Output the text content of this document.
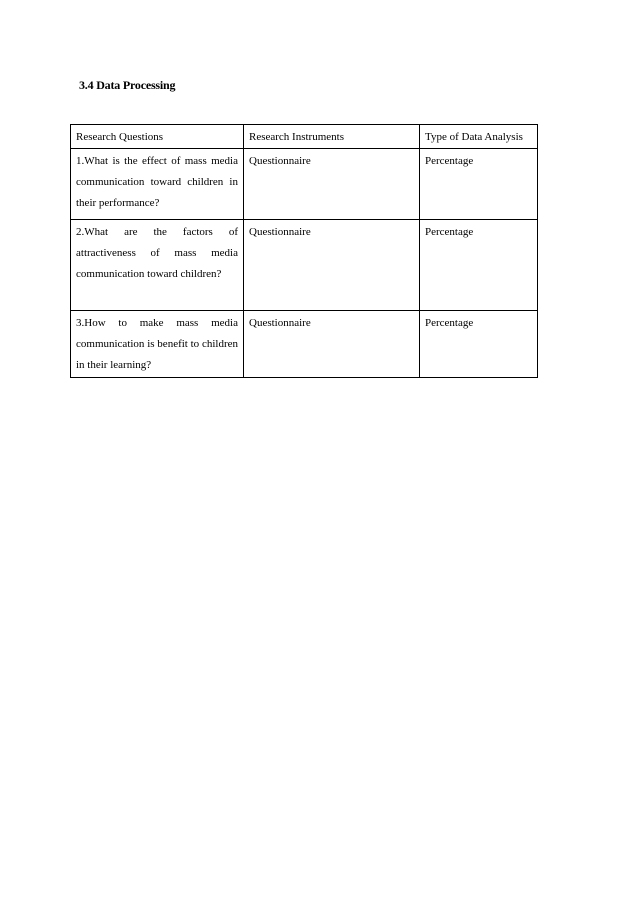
3.4 Data Processing
Research Questions	Research Instruments	Type of Data Analysis
1.What is the effect of mass media communication toward children in their performance?	Questionnaire	Percentage
2.What are the factors of attractiveness of mass media communication toward children?	Questionnaire	Percentage
3.How to make mass media communication is benefit to children in their learning?	Questionnaire	Percentage
